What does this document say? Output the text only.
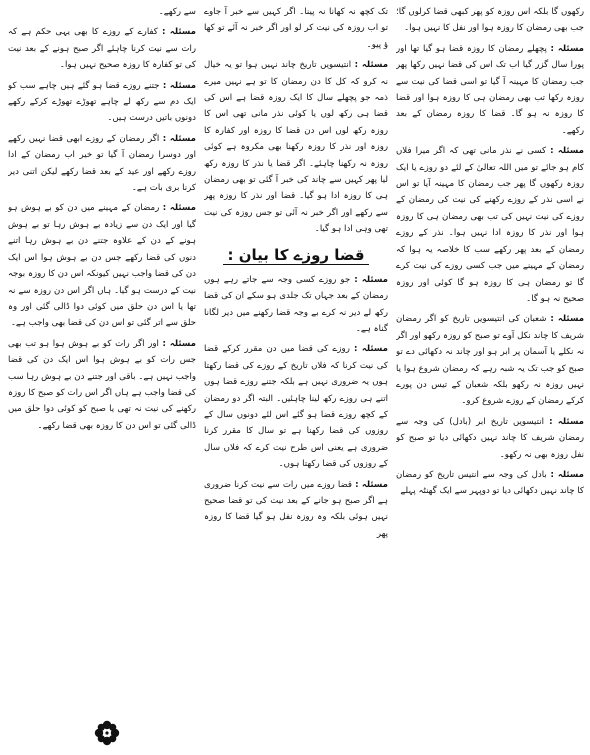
رکھوں گا بلکہ اس روزہ کو پھر کبھی قضا کرلوں گا؛ جب بھی رمضان کا روزہ ہوا اور نفل کا نہیں ہوا۔

مسئلہ : پچھلے رمضان کا روزہ قضا ہو گیا تھا اور پورا سال گزر گیا اب تک اس کی قضا نہیں رکھا پھر جب رمضان کا مہینہ آ گیا تو اسی قضا کی نیت سے روزہ رکھا تب بھی رمضان ہی کا روزہ ہوا اور قضا کا روزہ نہ ہو گا۔ قضا کا روزہ رمضان کے بعد رکھے۔

مسئلہ : کسی نے نذر مانی تھی کہ اگر میرا فلاں کام ہو جائے تو میں اللہ تعالیٰ کے لئے دو روزے یا ایک روزہ رکھوں گا پھر جب رمضان کا مہینہ آیا تو اس نے اسی نذر کے روزے رکھنے کی نیت کی رمضان کے روزے کی نیت نہیں کی تب بھی رمضان ہی کا روزہ ہوا اور نذر کا روزہ ادا نہیں ہوا۔ نذر کے روزے رمضان کے بعد پھر رکھے سب کا خلاصہ یہ ہوا کہ رمضان کے مہینے میں جب کسی روزے کی نیت کرے گا تو رمضان ہی کا روزہ ہو گا کوئی اور روزہ صحیح نہ ہو گا۔

مسئلہ : شعبان کی انتیسویں تاریخ کو اگر رمضان شریف کا چاند نکل آوے تو صبح کو روزہ رکھو اور اگر نہ نکلے یا آسمان پر ابر ہو اور چاند نہ دکھائی دے تو صبح کو جب تک یہ شبہ رہے کہ رمضان شروع ہوا یا نہیں روزہ نہ رکھو بلکہ شعبان کے تیس دن پورے کرکے رمضان کے روزے شروع کرو۔

مسئلہ : انتیسویں تاریخ ابر (بادل) کی وجہ سے رمضان شریف کا چاند نہیں دکھائی دیا تو صبح کو نفل روزہ بھی نہ رکھو۔

مسئلہ : بادل کی وجہ سے انتیس تاریخ کو رمضان کا چاند نہیں دکھائی دیا تو دوپہر سے ایک گھنٹہ پہلے

تک کچھ نہ کھانا نہ پینا۔ اگر کہیں سے خبر آ جاوے تو اب روزہ کی نیت کر لو اور اگر خبر نہ آئے تو کھا ؤ پیو۔

مسئلہ : انتیسویں تاریخ چاند نہیں ہوا تو یہ خیال نہ کرو کہ کل کا دن رمضان کا تو ہے نہیں میرے ذمہ جو پچھلے سال کا ایک روزہ قضا ہے اس کی قضا ہی رکھ لوں یا کوئی نذر مانی تھی اس کا روزہ رکھ لوں اس دن قضا کا روزہ اور کفارہ کا روزہ اور نذر کا روزہ رکھنا بھی مکروہ ہے کوئی روزہ نہ رکھنا چاہئے۔ اگر قضا یا نذر کا روزہ رکھ لیا پھر کہیں سے چاند کی خبر آ گئی تو بھی رمضان ہی کا روزہ ادا ہو گیا۔ قضا اور نذر کا روزہ پھر سے رکھے اور اگر خبر نہ آئی تو جس روزہ کی نیت تھی وہی ادا ہو گیا۔

قضا روزے کا بیان :

مسئلہ : جو روزے کسی وجہ سے جاتے رہے ہوں رمضان کے بعد جہاں تک جلدی ہو سکے ان کی قضا رکھ لے دیر نہ کرے بے وجہ قضا رکھنے میں دیر لگانا گناہ ہے۔

مسئلہ : روزے کی قضا میں دن مقرر کرکے قضا کی نیت کرنا کہ فلاں تاریخ کے روزے کی قضا رکھتا ہوں یہ ضروری نہیں ہے بلکہ جتنے روزے قضا ہوں اتنے ہی روزے رکھ لینا چاہئیں۔ البتہ اگر دو رمضان کے کچھ روزے قضا ہو گئے اس لئے دونوں سال کے روزوں کی قضا رکھنا ہے تو سال کا مقرر کرنا ضروری ہے یعنی اس طرح نیت کرے کہ فلاں سال کے روزوں کی قضا رکھتا ہوں۔

مسئلہ : قضا روزے میں رات سے نیت کرنا ضروری ہے اگر صبح ہو جانے کے بعد نیت کی تو قضا صحیح نہیں ہوئی بلکہ وہ روزہ نفل ہو گیا قضا کا روزہ پھر

سے رکھے۔

مسئلہ : کفارے کے روزے کا بھی یہی حکم ہے کہ رات سے نیت کرنا چاہئے اگر صبح ہونے کے بعد نیت کی تو کفارہ کا روزہ صحیح نہیں ہوا۔

مسئلہ : جتنے روزے قضا ہو گئے ہیں چاہے سب کو ایک دم سے رکھ لے چاہے تھوڑے تھوڑے کرکے رکھے دونوں باتیں درست ہیں۔

مسئلہ : اگر رمضان کے روزے ابھی قضا نہیں رکھے اور دوسرا رمضان آ گیا تو خیر اب رمضان کے ادا روزے رکھے اور عید کے بعد قضا رکھے لیکن اتنی دیر کرنا بری بات ہے۔

مسئلہ : رمضان کے مہینے میں دن کو بے ہوش ہو گیا اور ایک دن سے زیادہ بے ہوش رہا تو بے ہوش ہونے کے دن کے علاوہ جتنے دن بے ہوش رہا اتنے دنوں کی قضا رکھے جس دن بے ہوش ہوا اس ایک دن کی قضا واجب نہیں کیونکہ اس دن کا روزہ بوجہ نیت کے درست ہو گیا۔ ہاں اگر اس دن روزہ سے نہ تھا یا اس دن حلق میں کوئی دوا ڈالی گئی اور وہ حلق سے اتر گئی تو اس دن کی قضا بھی واجب ہے۔

مسئلہ : اور اگر رات کو بے ہوش ہوا ہو تب بھی جس رات کو بے ہوش ہوا اس ایک دن کی قضا واجب نہیں ہے۔ باقی اور جتنے دن بے ہوش رہا سب کی قضا واجب ہے ہاں اگر اس رات کو صبح کا روزہ رکھنے کی نیت نہ تھی یا صبح کو کوئی دوا حلق میں ڈالی گئی تو اس دن کا روزہ بھی قضا رکھے۔
